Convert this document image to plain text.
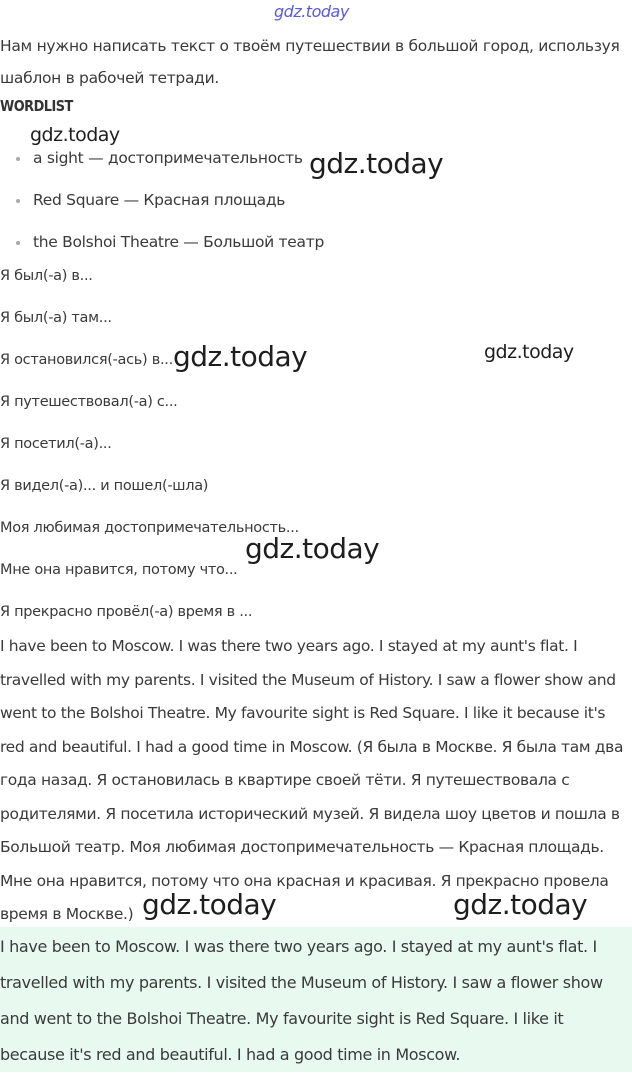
gdz.today
Нам нужно написать текст о твоём путешествии в большой город, используя шаблон в рабочей тетради.
WORDLIST
a sight — достопримечательность
Red Square — Красная площадь
the Bolshoi Theatre — Большой театр
Я был(-а) в...
Я был(-а) там...
Я остановился(-ась) в...
Я путешествовал(-а) с...
Я посетил(-а)...
Я видел(-а)... и пошел(-шла)
Моя любимая достопримечательность...
Мне она нравится, потому что...
Я прекрасно провёл(-а) время в ...
I have been to Moscow. I was there two years ago. I stayed at my aunt's flat. I travelled with my parents. I visited the Museum of History. I saw a flower show and went to the Bolshoi Theatre. My favourite sight is Red Square. I like it because it's red and beautiful. I had a good time in Moscow. (Я была в Москве. Я была там два года назад. Я остановилась в квартире своей тёти. Я путешествовала с родителями. Я посетила исторический музей. Я видела шоу цветов и пошла в Большой театр. Моя любимая достопримечательность — Красная площадь. Мне она нравится, потому что она красная и красивая. Я прекрасно провела время в Москве.)
I have been to Moscow. I was there two years ago. I stayed at my aunt's flat. I travelled with my parents. I visited the Museum of History. I saw a flower show and went to the Bolshoi Theatre. My favourite sight is Red Square. I like it because it's red and beautiful. I had a good time in Moscow.
gdz.today
gdz.today
gdz.today	gdz.today
gdz.today
gdz.today	gdz.today
